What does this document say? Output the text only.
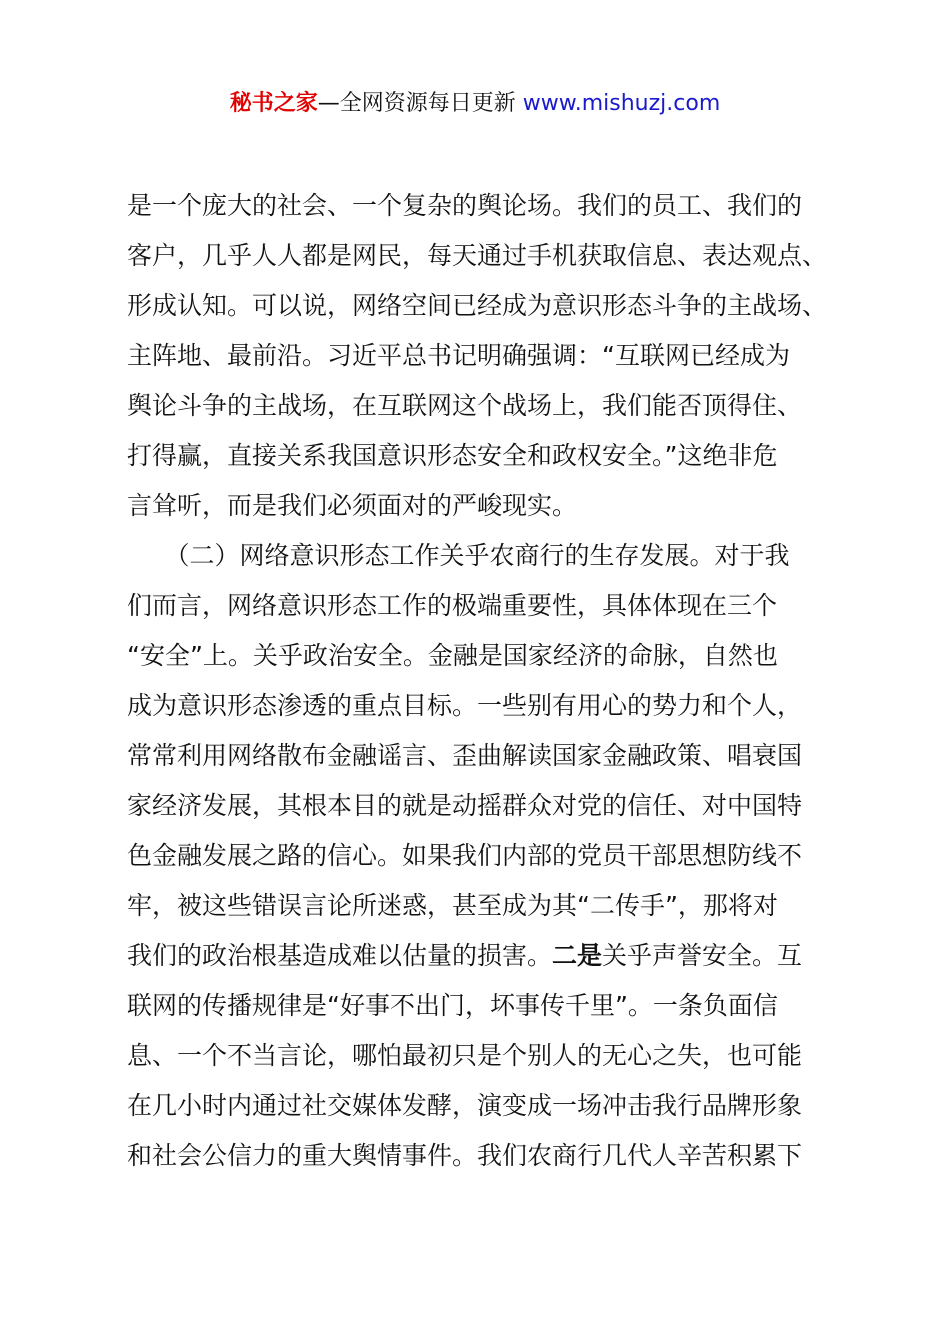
秘书之家—全网资源每日更新 www.mishuzj.com
是一个庞大的社会、一个复杂的舆论场。我们的员工、我们的
客户，几乎人人都是网民，每天通过手机获取信息、表达观点、
形成认知。可以说，网络空间已经成为意识形态斗争的主战场、
主阵地、最前沿。习近平总书记明确强调：“互联网已经成为
舆论斗争的主战场，在互联网这个战场上，我们能否顶得住、
打得赢，直接关系我国意识形态安全和政权安全。”这绝非危
言耸听，而是我们必须面对的严峻现实。
　　（二）网络意识形态工作关乎农商行的生存发展。对于我
们而言，网络意识形态工作的极端重要性，具体体现在三个
“安全”上。关乎政治安全。金融是国家经济的命脉，自然也
成为意识形态渗透的重点目标。一些别有用心的势力和个人，
常常利用网络散布金融谣言、歪曲解读国家金融政策、唱衰国
家经济发展，其根本目的就是动摇群众对党的信任、对中国特
色金融发展之路的信心。如果我们内部的党员干部思想防线不
牢，被这些错误言论所迷惑，甚至成为其“二传手”，那将对
我们的政治根基造成难以估量的损害。二是关乎声誉安全。互
联网的传播规律是“好事不出门，坏事传千里”。一条负面信
息、一个不当言论，哪怕最初只是个别人的无心之失，也可能
在几小时内通过社交媒体发酵，演变成一场冲击我行品牌形象
和社会公信力的重大舆情事件。我们农商行几代人辛苦积累下
